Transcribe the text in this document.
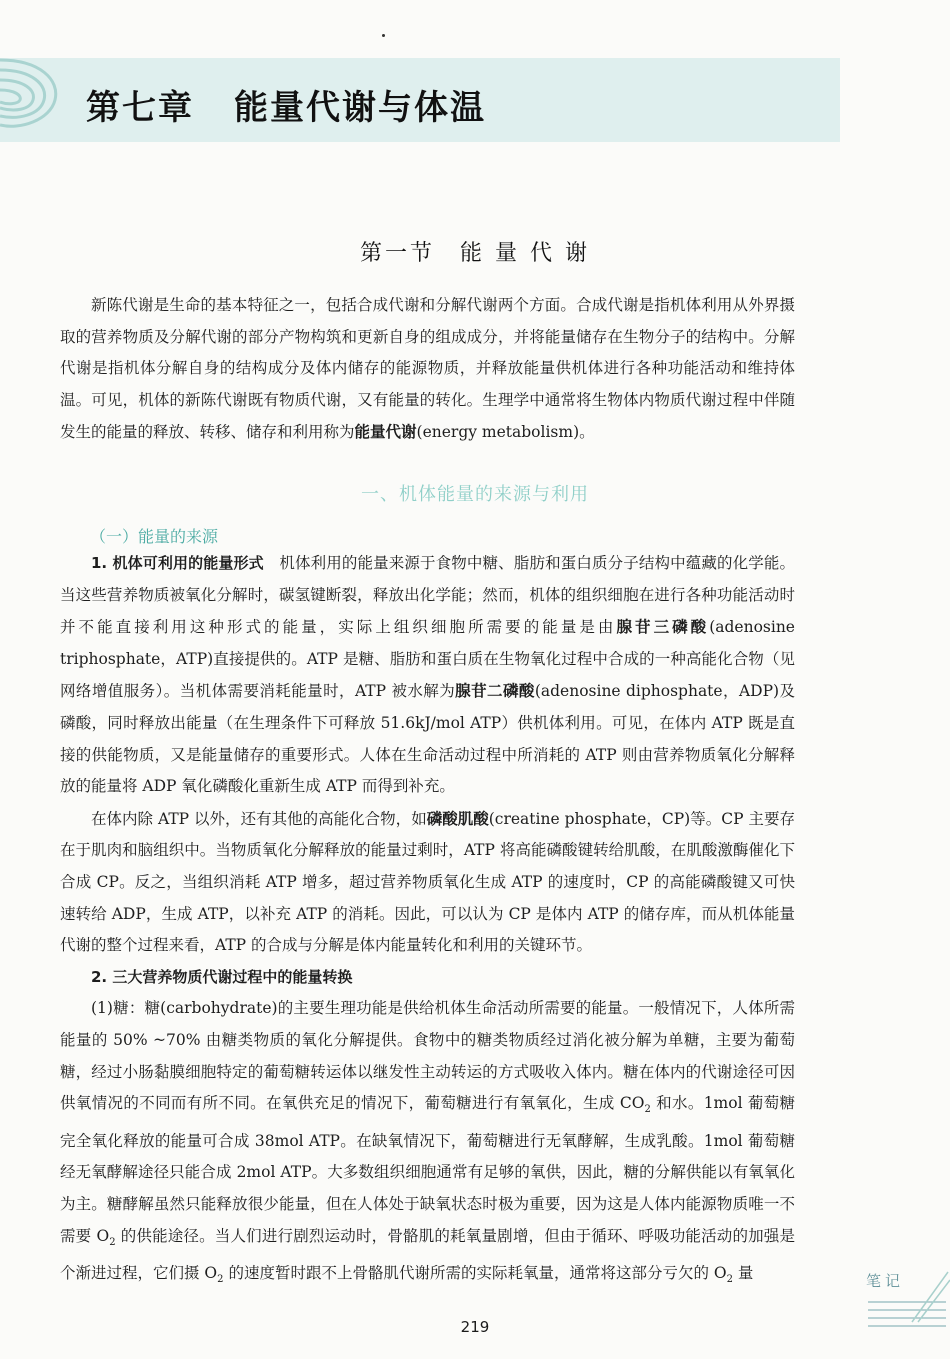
第七章 能量代谢与体温
第一节　能 量 代 谢

新陈代谢是生命的基本特征之一，包括合成代谢和分解代谢两个方面。合成代谢是指机体利用从外界摄取的营养物质及分解代谢的部分产物构筑和更新自身的组成成分，并将能量储存在生物分子的结构中。分解代谢是指机体分解自身的结构成分及体内储存的能源物质，并释放能量供机体进行各种功能活动和维持体温。可见，机体的新陈代谢既有物质代谢，又有能量的转化。生理学中通常将生物体内物质代谢过程中伴随发生的能量的释放、转移、储存和利用称为能量代谢(energy metabolism)。

一、机体能量的来源与利用
（一）能量的来源

1. 机体可利用的能量形式　机体利用的能量来源于食物中糖、脂肪和蛋白质分子结构中蕴藏的化学能。当这些营养物质被氧化分解时，碳氢键断裂，释放出化学能；然而，机体的组织细胞在进行各种功能活动时并不能直接利用这种形式的能量，实际上组织细胞所需要的能量是由腺苷三磷酸(adenosine triphosphate，ATP)直接提供的。ATP 是糖、脂肪和蛋白质在生物氧化过程中合成的一种高能化合物（见网络增值服务）。当机体需要消耗能量时，ATP 被水解为腺苷二磷酸(adenosine diphosphate，ADP)及磷酸，同时释放出能量（在生理条件下可释放 51.6kJ/mol ATP）供机体利用。可见，在体内 ATP 既是直接的供能物质，又是能量储存的重要形式。人体在生命活动过程中所消耗的 ATP 则由营养物质氧化分解释放的能量将 ADP 氧化磷酸化重新生成 ATP 而得到补充。

在体内除 ATP 以外，还有其他的高能化合物，如磷酸肌酸(creatine phosphate，CP)等。CP 主要存在于肌肉和脑组织中。当物质氧化分解释放的能量过剩时，ATP 将高能磷酸键转给肌酸，在肌酸激酶催化下合成 CP。反之，当组织消耗 ATP 增多，超过营养物质氧化生成 ATP 的速度时，CP 的高能磷酸键又可快速转给 ADP，生成 ATP，以补充 ATP 的消耗。因此，可以认为 CP 是体内 ATP 的储存库，而从机体能量代谢的整个过程来看，ATP 的合成与分解是体内能量转化和利用的关键环节。

2. 三大营养物质代谢过程中的能量转换

(1)糖：糖(carbohydrate)的主要生理功能是供给机体生命活动所需要的能量。一般情况下，人体所需能量的 50% ~70% 由糖类物质的氧化分解提供。食物中的糖类物质经过消化被分解为单糖，主要为葡萄糖，经过小肠黏膜细胞特定的葡萄糖转运体以继发性主动转运的方式吸收入体内。糖在体内的代谢途径可因供氧情况的不同而有所不同。在氧供充足的情况下，葡萄糖进行有氧氧化，生成 $CO_2$ 和水。1mol 葡萄糖完全氧化释放的能量可合成 38mol ATP。在缺氧情况下，葡萄糖进行无氧酵解，生成乳酸。1mol 葡萄糖经无氧酵解途径只能合成 2mol ATP。大多数组织细胞通常有足够的氧供，因此，糖的分解供能以有氧氧化为主。糖酵解虽然只能释放很少能量，但在人体处于缺氧状态时极为重要，因为这是人体内能源物质唯一不需要 $O_2$ 的供能途径。当人们进行剧烈运动时，骨骼肌的耗氧量剧增，但由于循环、呼吸功能活动的加强是个渐进过程，它们摄 $O_2$ 的速度暂时跟不上骨骼肌代谢所需的实际耗氧量，通常将这部分亏欠的 $O_2$ 量

219
笔记
